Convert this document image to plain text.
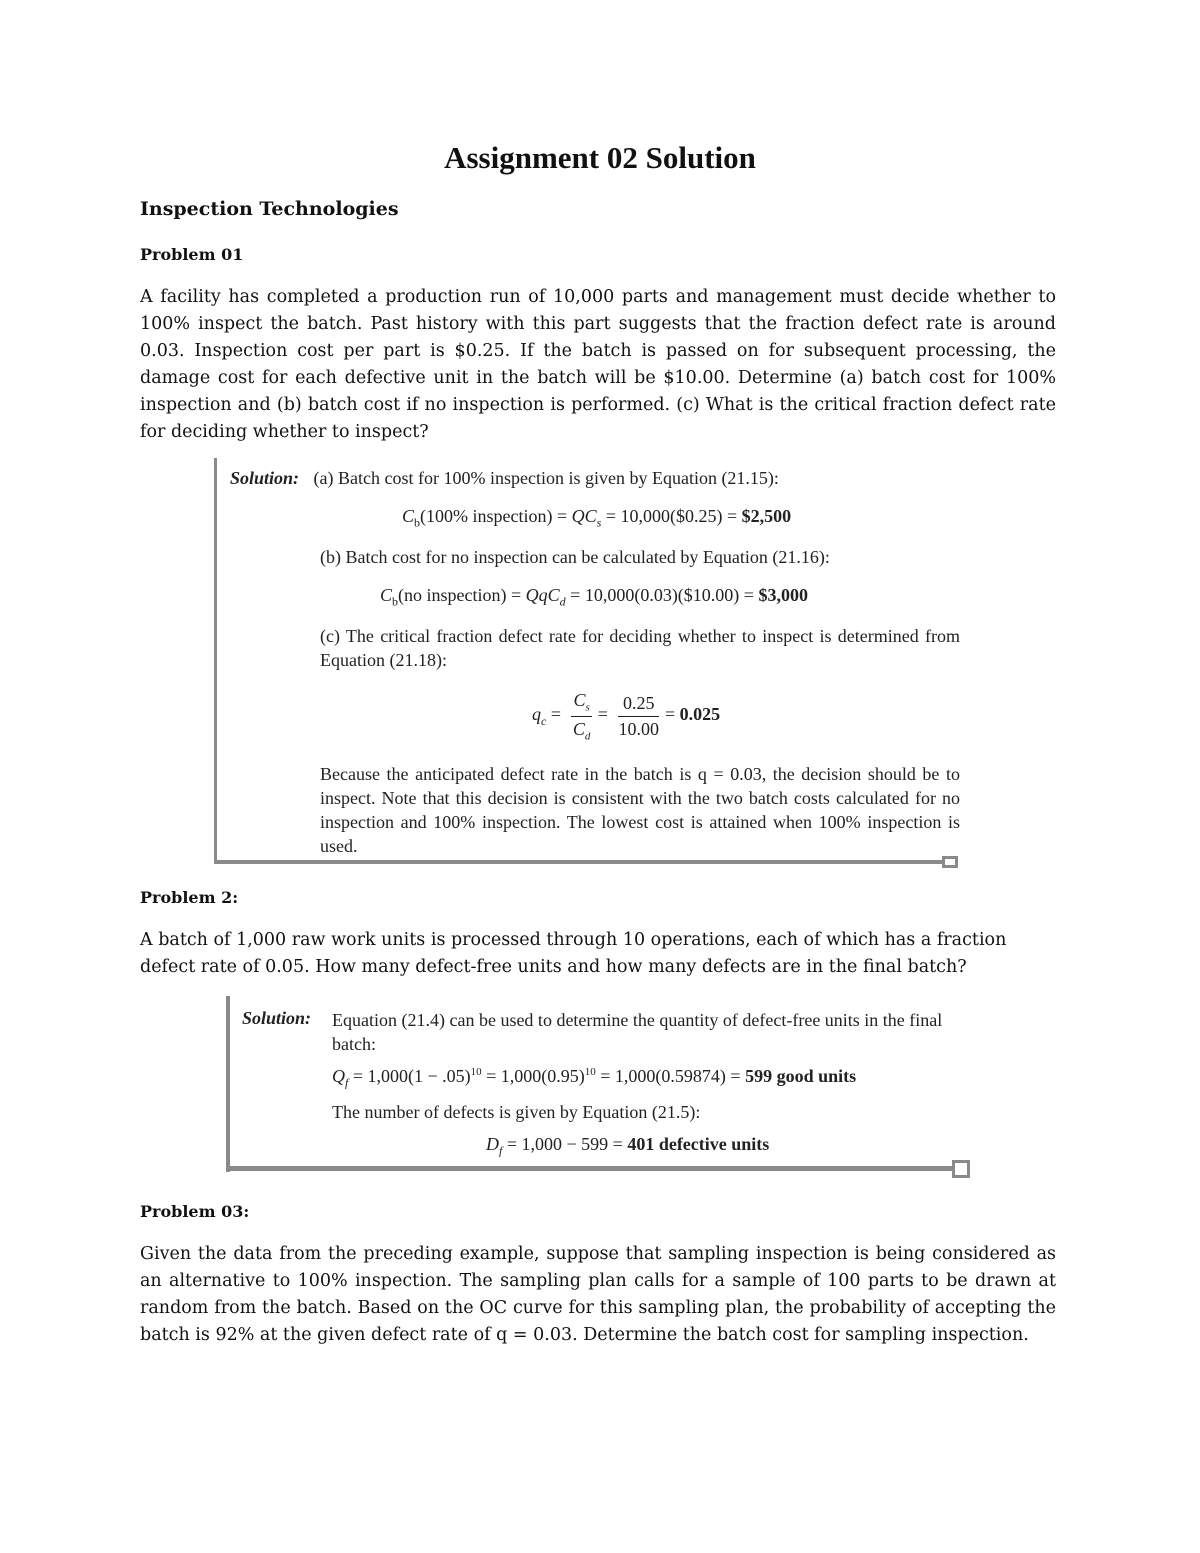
Assignment 02 Solution
Inspection Technologies
Problem 01
A facility has completed a production run of 10,000 parts and management must decide whether to 100% inspect the batch. Past history with this part suggests that the fraction defect rate is around 0.03. Inspection cost per part is $0.25. If the batch is passed on for subsequent processing, the damage cost for each defective unit in the batch will be $10.00. Determine (a) batch cost for 100% inspection and (b) batch cost if no inspection is performed. (c) What is the critical fraction defect rate for deciding whether to inspect?
Solution: (a) Batch cost for 100% inspection is given by Equation (21.15):
$C_b(100\%$ inspection) = $QC_s$ = 10,000($0.25) = $2,500
(b) Batch cost for no inspection can be calculated by Equation (21.16):
$C_b(no$ inspection) = QqC$_d$ = 10,000(0.03)($10.00) = $3,000
(c) The critical fraction defect rate for deciding whether to inspect is determined from Equation (21.18):
$q_c = \frac{C_s}{C_d} = \frac{0.25}{10.00} = 0.025$
Because the anticipated defect rate in the batch is q = 0.03, the decision should be to inspect. Note that this decision is consistent with the two batch costs calculated for no inspection and 100% inspection. The lowest cost is attained when 100% inspection is used.
Problem 2:
A batch of 1,000 raw work units is processed through 10 operations, each of which has a fraction defect rate of 0.05. How many defect-free units and how many defects are in the final batch?
Solution:	Equation (21.4) can be used to determine the quantity of defect-free units in the final batch:
$Q_f = 1,000(1 - .05)^{10} = 1,000(0.95)^{10} = 1,000(0.59874) = 599$ good units
The number of defects is given by Equation (21.5):
$D_f = 1,000 - 599 = 401$ defective units
Problem 03:
Given the data from the preceding example, suppose that sampling inspection is being considered as an alternative to 100% inspection. The sampling plan calls for a sample of 100 parts to be drawn at random from the batch. Based on the OC curve for this sampling plan, the probability of accepting the batch is 92% at the given defect rate of q = 0.03. Determine the batch cost for sampling inspection.
